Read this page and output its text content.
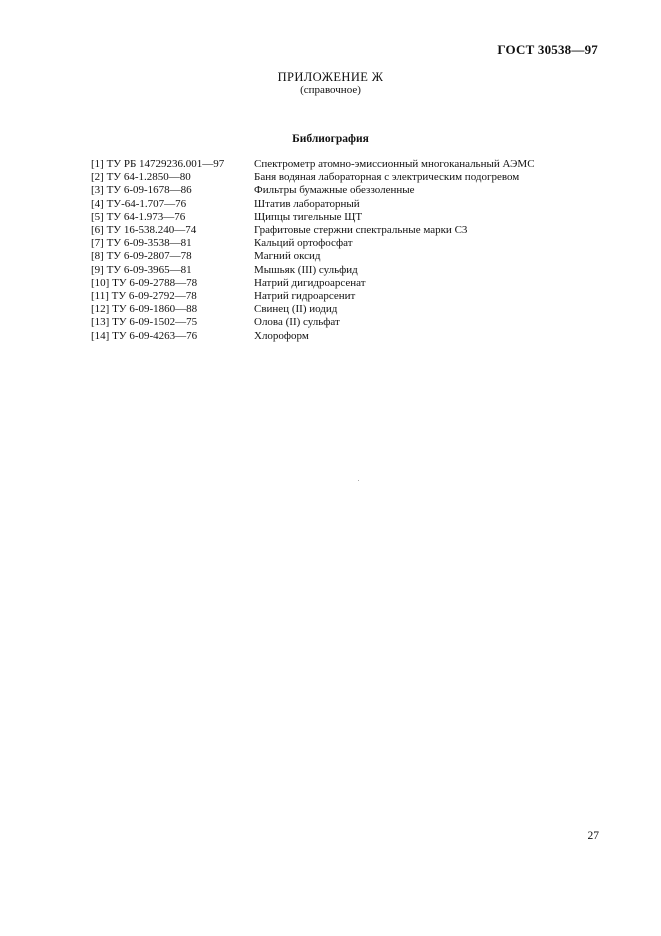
ГОСТ 30538—97
ПРИЛОЖЕНИЕ Ж
(справочное)
Библиография
[1] ТУ РБ 14729236.001—97	Спектрометр атомно-эмиссионный многоканальный АЭМС
[2] ТУ 64-1.2850—80	Баня водяная лабораторная с электрическим подогревом
[3] ТУ 6-09-1678—86	Фильтры бумажные обеззоленные
[4] ТУ-64-1.707—76	Штатив лабораторный
[5] ТУ 64-1.973—76	Щипцы тигельные ЩТ
[6] ТУ 16-538.240—74	Графитовые стержни спектральные марки С3
[7] ТУ 6-09-3538—81	Кальций ортофосфат
[8] ТУ 6-09-2807—78	Магний оксид
[9] ТУ 6-09-3965—81	Мышьяк (III) сульфид
[10] ТУ 6-09-2788—78	Натрий дигидроарсенат
[11] ТУ 6-09-2792—78	Натрий гидроарсенит
[12] ТУ 6-09-1860—88	Свинец (II) иодид
[13] ТУ 6-09-1502—75	Олова (II) сульфат
[14] ТУ 6-09-4263—76	Хлороформ
27
